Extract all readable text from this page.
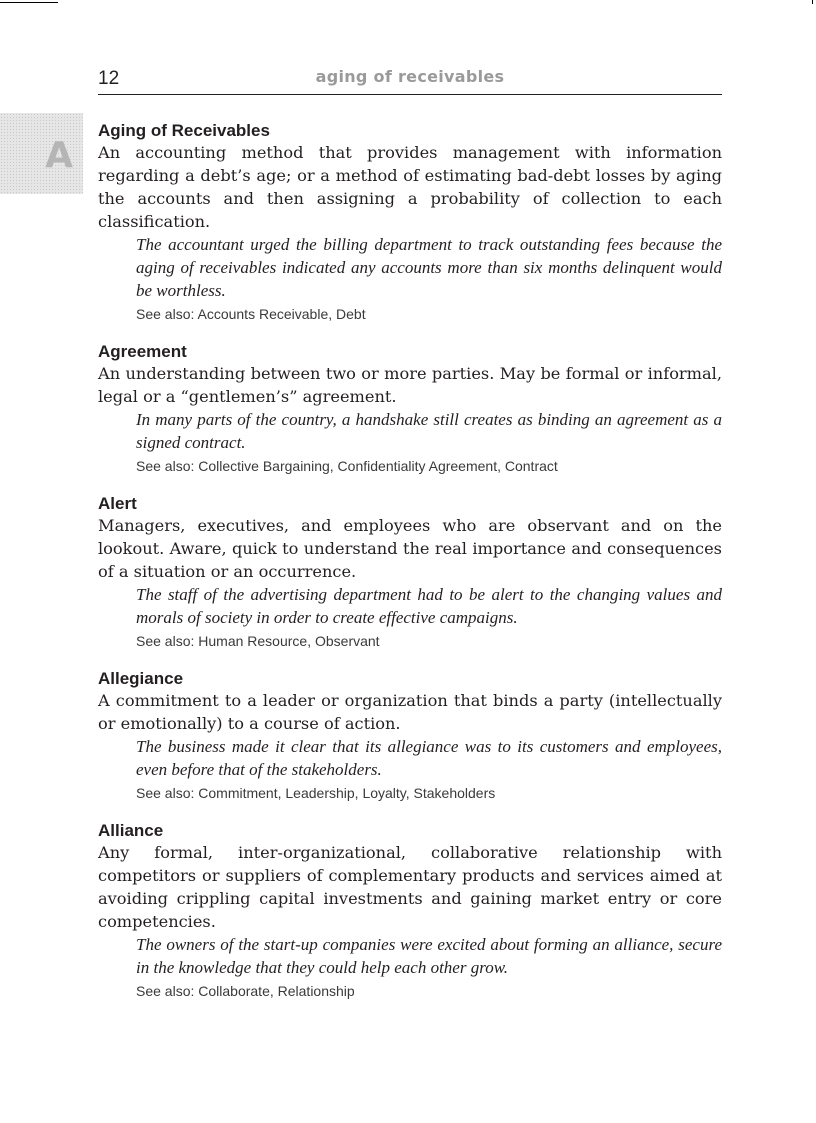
12	aging of receivables
A
Aging of Receivables

An accounting method that provides management with information regarding a debt’s age; or a method of estimating bad-debt losses by aging the accounts and then assigning a probability of collection to each classification.

The accountant urged the billing department to track outstanding fees because the aging of receivables indicated any accounts more than six months delinquent would be worthless.

See also: Accounts Receivable, Debt
Agreement

An understanding between two or more parties. May be formal or informal, legal or a “gentlemen’s” agreement.

In many parts of the country, a handshake still creates as binding an agreement as a signed contract.

See also: Collective Bargaining, Confidentiality Agreement, Contract
Alert

Managers, executives, and employees who are observant and on the lookout. Aware, quick to understand the real importance and consequences of a situation or an occurrence.

The staff of the advertising department had to be alert to the changing values and morals of society in order to create effective campaigns.

See also: Human Resource, Observant
Allegiance

A commitment to a leader or organization that binds a party (intellectually or emotionally) to a course of action.

The business made it clear that its allegiance was to its customers and employees, even before that of the stakeholders.

See also: Commitment, Leadership, Loyalty, Stakeholders
Alliance

Any formal, inter-organizational, collaborative relationship with competitors or suppliers of complementary products and services aimed at avoiding crippling capital investments and gaining market entry or core competencies.

The owners of the start-up companies were excited about forming an alliance, secure in the knowledge that they could help each other grow.

See also: Collaborate, Relationship
